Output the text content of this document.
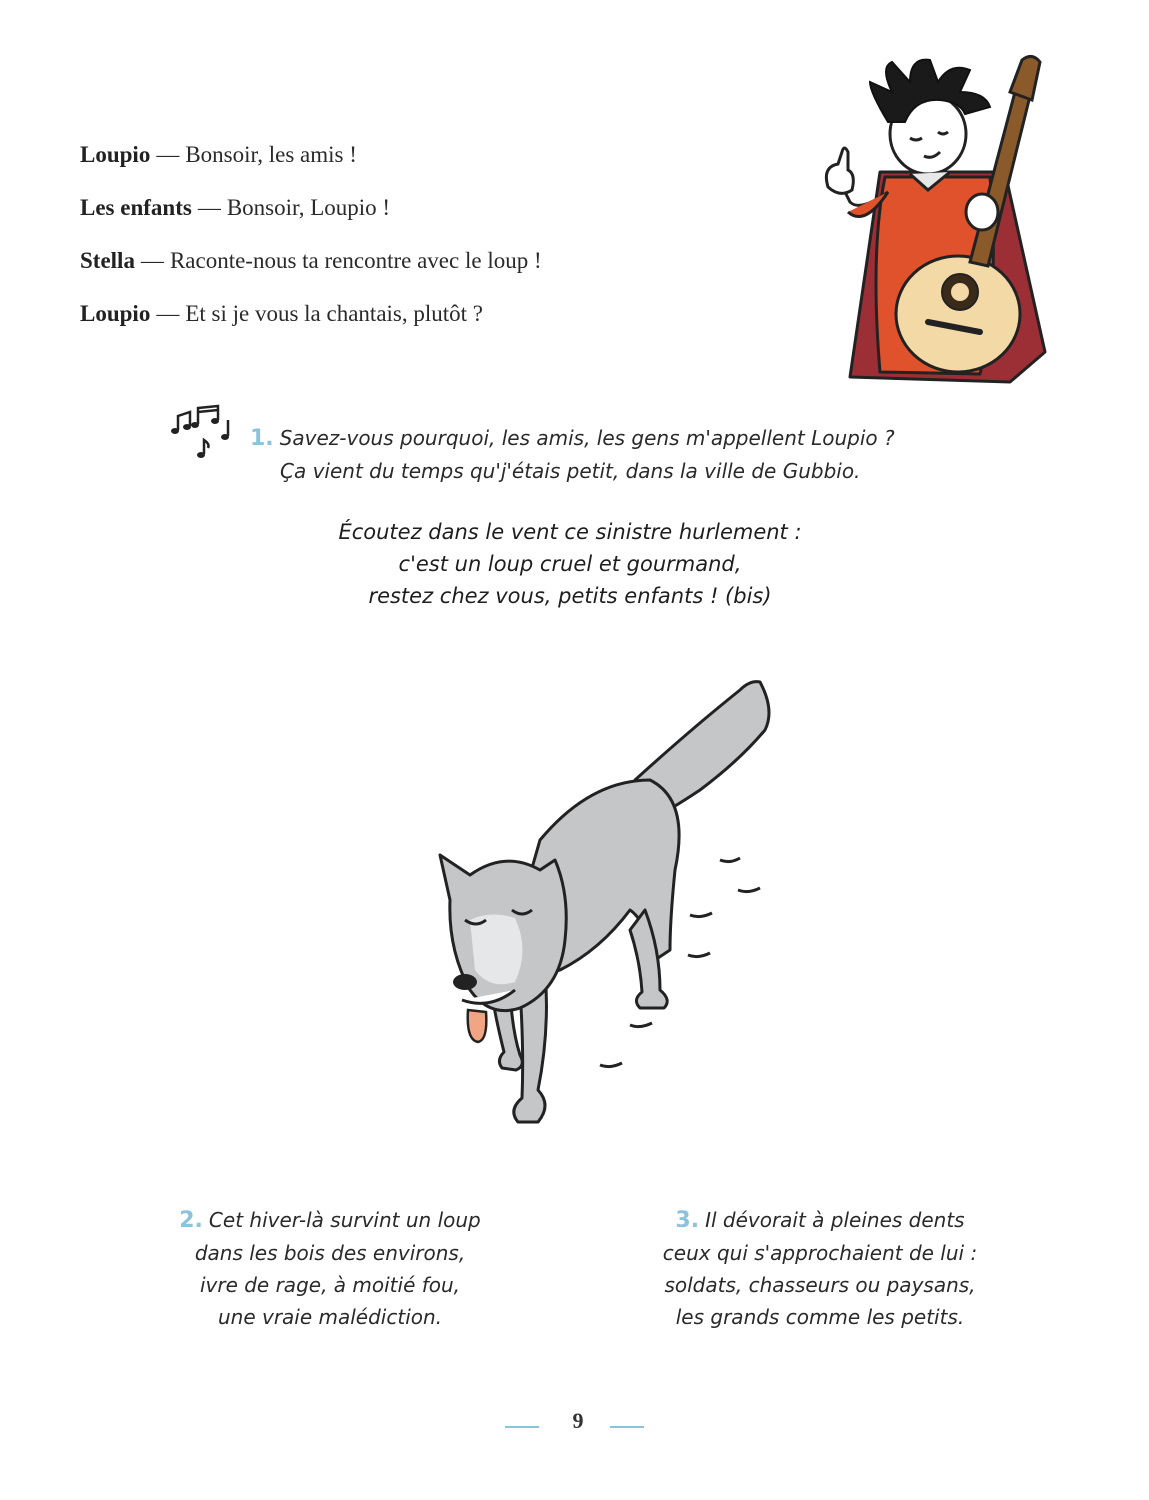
Loupio — Bonsoir, les amis !

Les enfants — Bonsoir, Loupio !

Stella — Raconte-nous ta rencontre avec le loup !

Loupio — Et si je vous la chantais, plutôt ?

1. Savez-vous pourquoi, les amis, les gens m'appellent Loupio ?
Ça vient du temps qu'j'étais petit, dans la ville de Gubbio.
Écoutez dans le vent ce sinistre hurlement :
c'est un loup cruel et gourmand,
restez chez vous, petits enfants ! (bis)
2. Cet hiver-là survint un loup
dans les bois des environs,
ivre de rage, à moitié fou,
une vraie malédiction.
3. Il dévorait à pleines dents
ceux qui s'approchaient de lui :
soldats, chasseurs ou paysans,
les grands comme les petits.
9
